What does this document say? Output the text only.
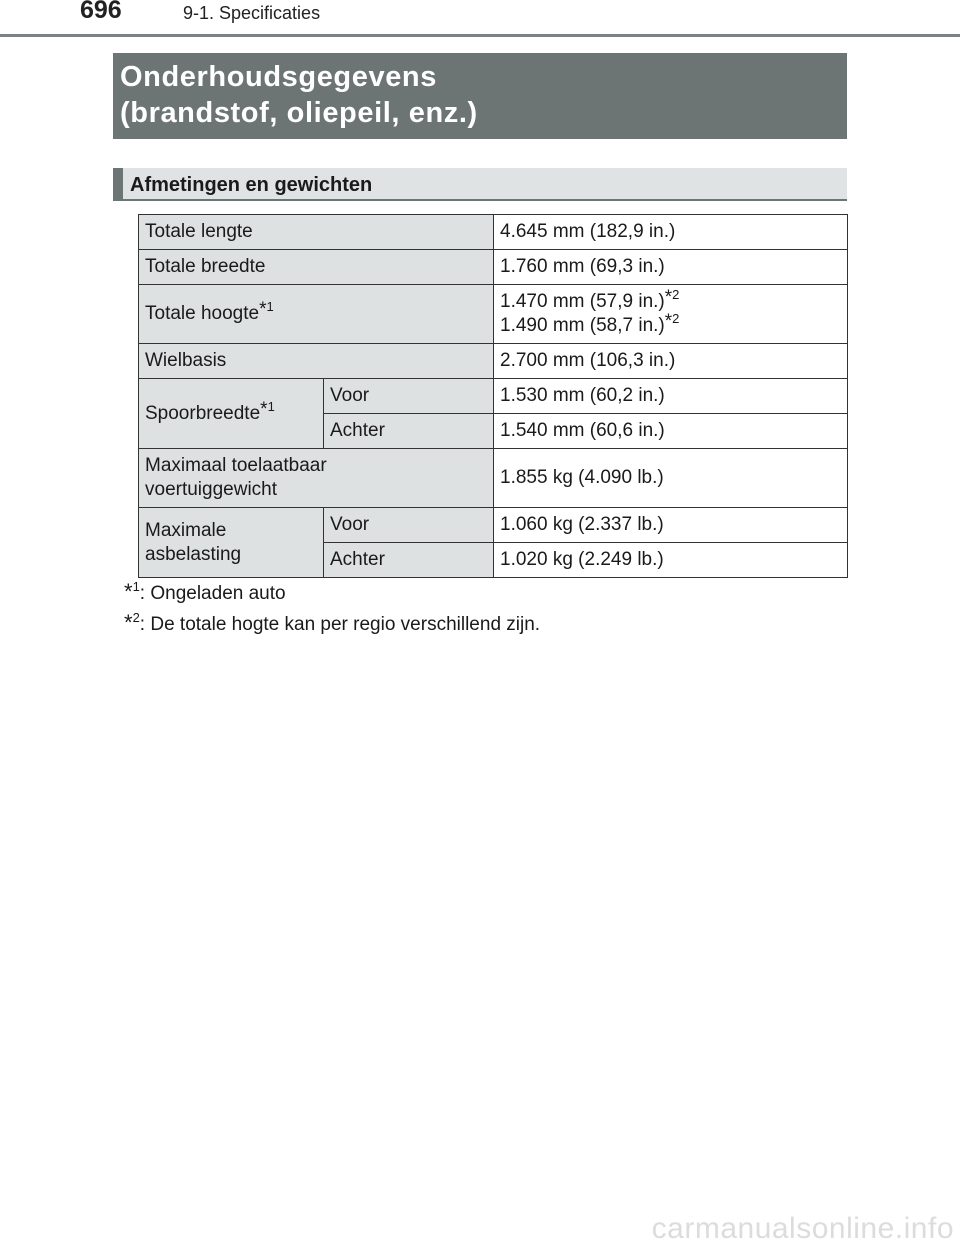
696	9-1. Specificaties
Onderhoudsgegevens
(brandstof, oliepeil, enz.)
Afmetingen en gewichten
Totale lengte		4.645 mm (182,9 in.)
Totale breedte		1.760 mm (69,3 in.)
Totale hoogte$^{*1}$		1.470 mm (57,9 in.)$^{*2}$
1.490 mm (58,7 in.)$^{*2}$

Wielbasis		2.700 mm (106,3 in.)
Spoorbreedte$^{*1}$	Voor	1.530 mm (60,2 in.)
	Achter	1.540 mm (60,6 in.)

Maximaal toelaatbaar
voertuiggewicht		1.855 kg (4.090 lb.)

Maximale
asbelasting	Voor	1.060 kg (2.337 lb.)
	Achter	1.020 kg (2.249 lb.)
*$^1$: Ongeladen auto
*$^2$: De totale hogte kan per regio verschillend zijn.
carmanualsonline.info
